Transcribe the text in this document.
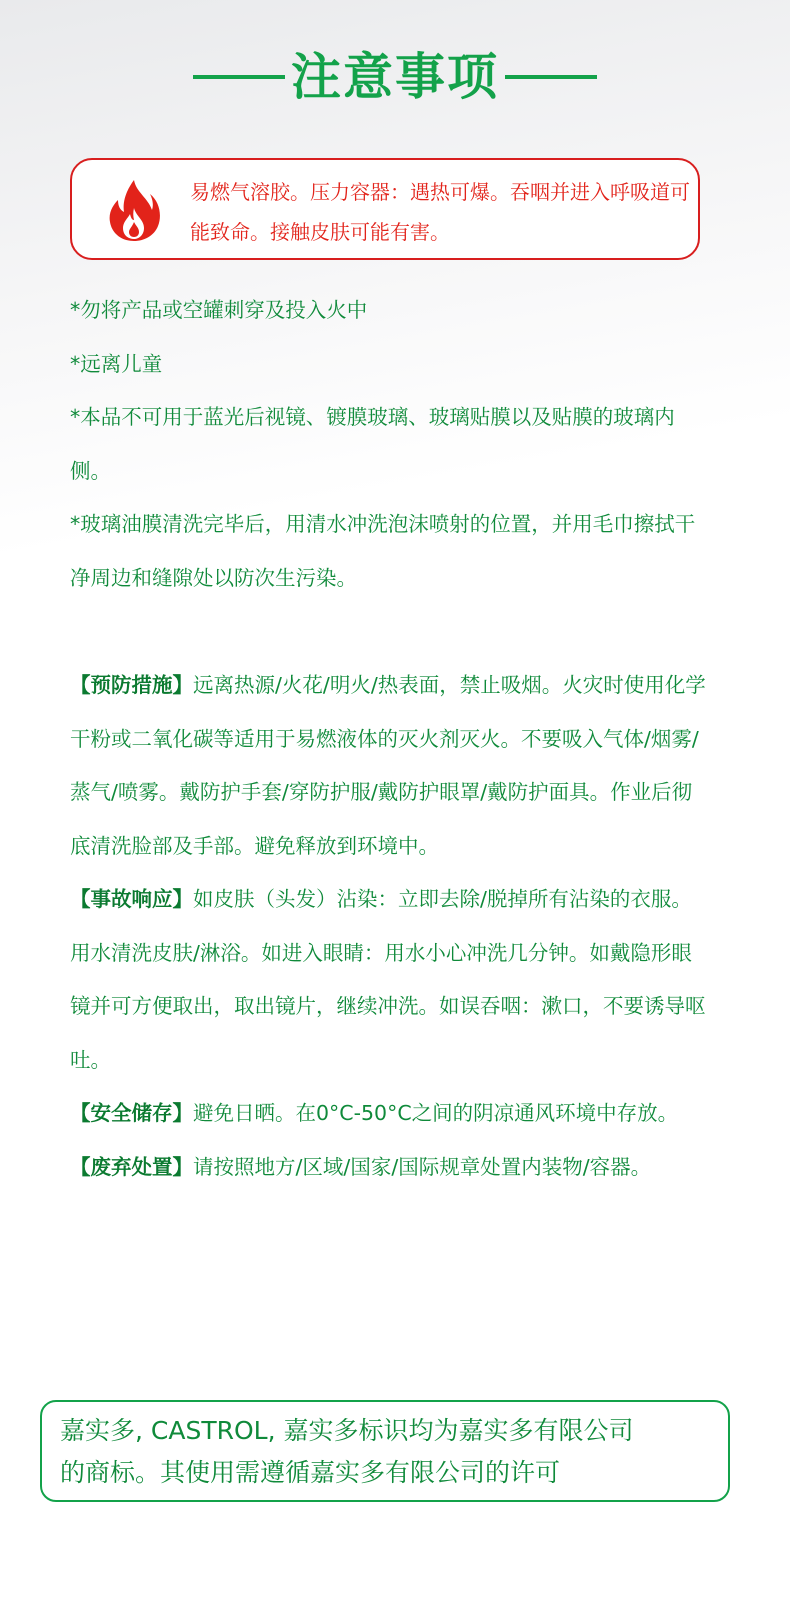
注意事项
易燃气溶胶。压力容器：遇热可爆。吞咽并进入呼吸道可能致命。接触皮肤可能有害。

*勿将产品或空罐刺穿及投入火中

*远离儿童

*本品不可用于蓝光后视镜、镀膜玻璃、玻璃贴膜以及贴膜的玻璃内侧。

*玻璃油膜清洗完毕后，用清水冲洗泡沫喷射的位置，并用毛巾擦拭干净周边和缝隙处以防次生污染。

【预防措施】远离热源/火花/明火/热表面，禁止吸烟。火灾时使用化学干粉或二氧化碳等适用于易燃液体的灭火剂灭火。不要吸入气体/烟雾/蒸气/喷雾。戴防护手套/穿防护服/戴防护眼罩/戴防护面具。作业后彻底清洗脸部及手部。避免释放到环境中。

【事故响应】如皮肤（头发）沾染：立即去除/脱掉所有沾染的衣服。用水清洗皮肤/淋浴。如进入眼睛：用水小心冲洗几分钟。如戴隐形眼镜并可方便取出，取出镜片，继续冲洗。如误吞咽：漱口，不要诱导呕吐。

【安全储存】避免日晒。在0°C-50°C之间的阴凉通风环境中存放。

【废弃处置】请按照地方/区域/国家/国际规章处置内装物/容器。

嘉实多, CASTROL, 嘉实多标识均为嘉实多有限公司
的商标。其使用需遵循嘉实多有限公司的许可
